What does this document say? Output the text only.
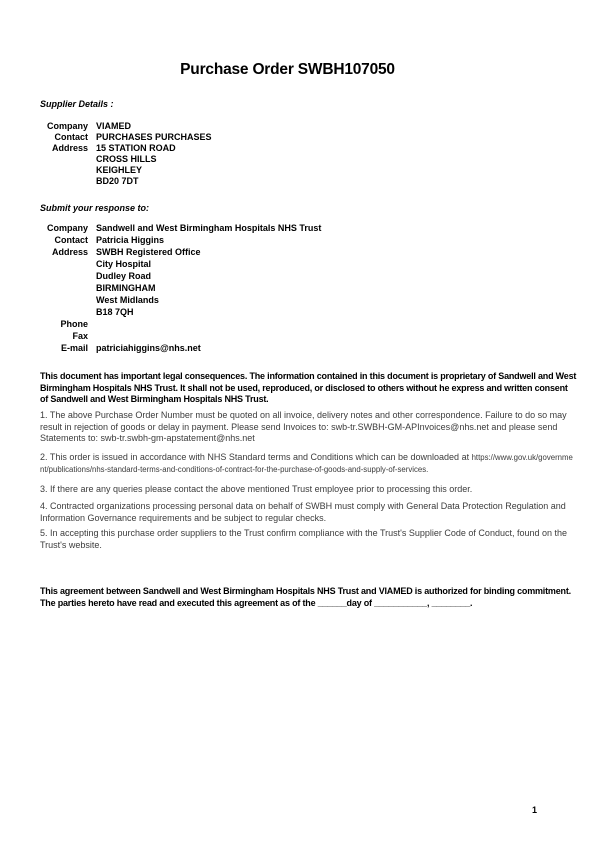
Purchase Order SWBH107050
Supplier Details :
Company VIAMED
Contact PURCHASES PURCHASES
Address 15 STATION ROAD
CROSS HILLS
KEIGHLEY
BD20 7DT
Submit your response to:
Company Sandwell and West Birmingham Hospitals NHS Trust
Contact Patricia Higgins
Address SWBH Registered Office
City Hospital
Dudley Road
BIRMINGHAM
West Midlands
B18 7QH
Phone
Fax
E-mail patriciahiggins@nhs.net
This document has important legal consequences. The information contained in this document is proprietary of Sandwell and West Birmingham Hospitals NHS Trust. It shall not be used, reproduced, or disclosed to others without he express and written consent of Sandwell and West Birmingham Hospitals NHS Trust.
1. The above Purchase Order Number must be quoted on all invoice, delivery notes and other correspondence. Failure to do so may result in rejection of goods or delay in payment. Please send Invoices to: swb-tr.SWBH-GM-APInvoices@nhs.net and please send Statements to: swb-tr.swbh-gm-apstatement@nhs.net
2. This order is issued in accordance with NHS Standard terms and Conditions which can be downloaded at https://www.gov.uk/government/publications/nhs-standard-terms-and-conditions-of-contract-for-the-purchase-of-goods-and-supply-of-services.
3. If there are any queries please contact the above mentioned Trust employee prior to processing this order.
4. Contracted organizations processing personal data on behalf of SWBH must comply with General Data Protection Regulation and Information Governance requirements and be subject to regular checks.
5. In accepting this purchase order suppliers to the Trust confirm compliance with the Trust's Supplier Code of Conduct, found on the Trust's website.
This agreement between Sandwell and West Birmingham Hospitals NHS Trust and VIAMED is authorized for binding commitment. The parties hereto have read and executed this agreement as of the ______day of ___________, ________.
1
